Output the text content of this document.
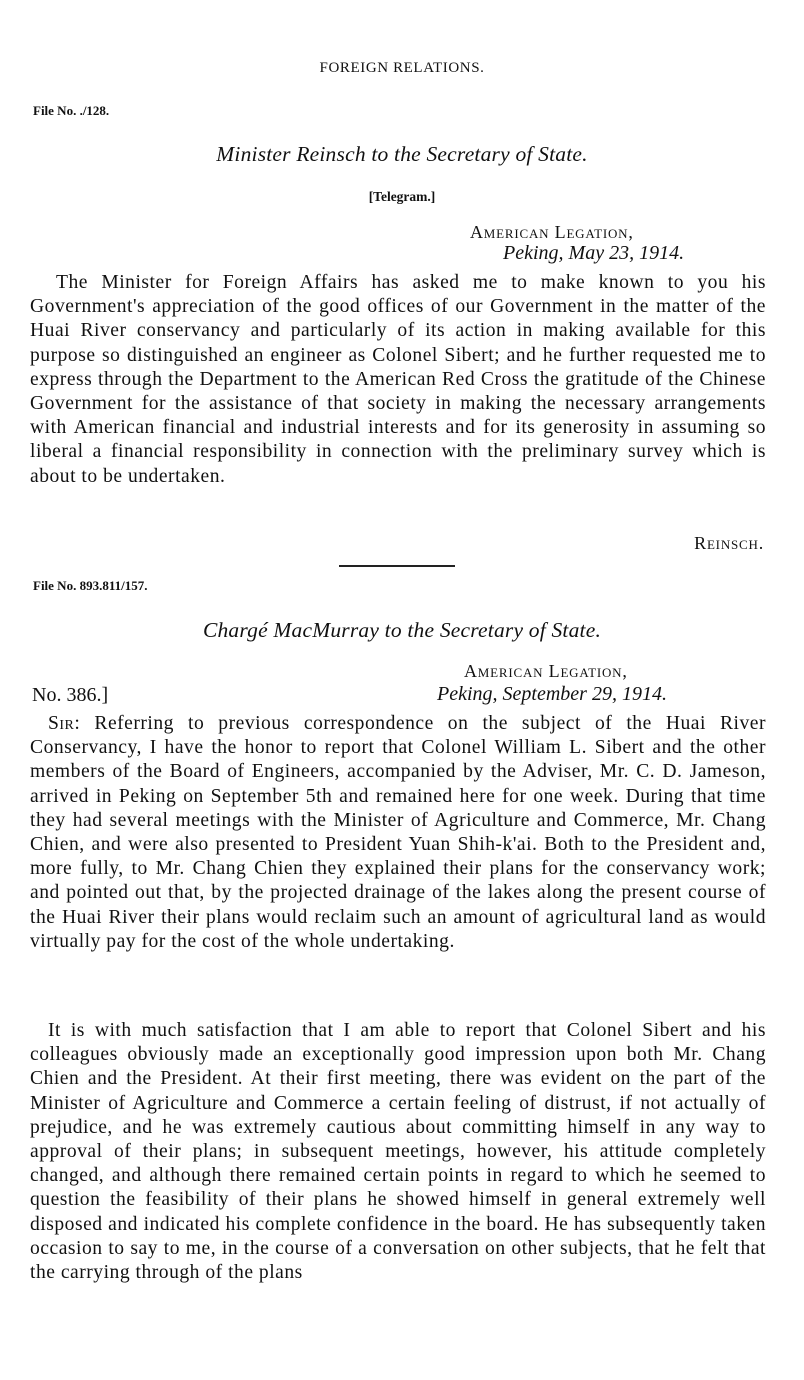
FOREIGN RELATIONS.
File No. ./128.
Minister Reinsch to the Secretary of State.
[Telegram.]
American Legation,
Peking, May 23, 1914.
The Minister for Foreign Affairs has asked me to make known to you his Government's appreciation of the good offices of our Government in the matter of the Huai River conservancy and particularly of its action in making available for this purpose so distinguished an engineer as Colonel Sibert; and he further requested me to express through the Department to the American Red Cross the gratitude of the Chinese Government for the assistance of that society in making the necessary arrangements with American financial and industrial interests and for its generosity in assuming so liberal a financial responsibility in connection with the preliminary survey which is about to be undertaken.
Reinsch.
File No. 893.811/157.
Chargé MacMurray to the Secretary of State.
American Legation,
No. 386.]	Peking, September 29, 1914.
Sir: Referring to previous correspondence on the subject of the Huai River Conservancy, I have the honor to report that Colonel William L. Sibert and the other members of the Board of Engineers, accompanied by the Adviser, Mr. C. D. Jameson, arrived in Peking on September 5th and remained here for one week. During that time they had several meetings with the Minister of Agriculture and Commerce, Mr. Chang Chien, and were also presented to President Yuan Shih-k'ai. Both to the President and, more fully, to Mr. Chang Chien they explained their plans for the conservancy work; and pointed out that, by the projected drainage of the lakes along the present course of the Huai River their plans would reclaim such an amount of agricultural land as would virtually pay for the cost of the whole undertaking.
It is with much satisfaction that I am able to report that Colonel Sibert and his colleagues obviously made an exceptionally good impression upon both Mr. Chang Chien and the President. At their first meeting, there was evident on the part of the Minister of Agriculture and Commerce a certain feeling of distrust, if not actually of prejudice, and he was extremely cautious about committing himself in any way to approval of their plans; in subsequent meetings, however, his attitude completely changed, and although there remained certain points in regard to which he seemed to question the feasibility of their plans he showed himself in general extremely well disposed and indicated his complete confidence in the board. He has subsequently taken occasion to say to me, in the course of a conversation on other subjects, that he felt that the carrying through of the plans
